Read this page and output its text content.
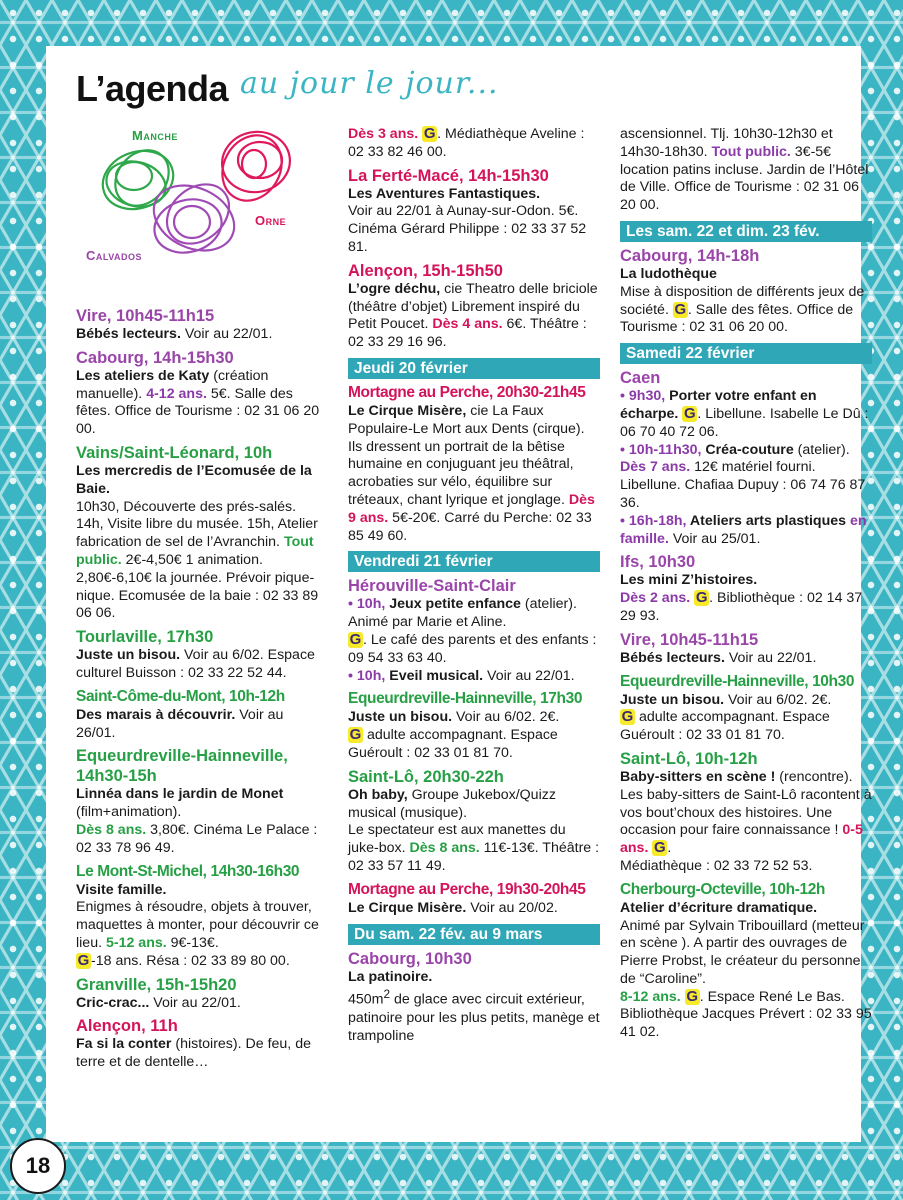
L’agenda au jour le jour...
Manche
Orne
Calvados
Vire, 10h45-11h15
Bébés lecteurs. Voir au 22/01.
Cabourg, 14h-15h30
Les ateliers de Katy (création manuelle). 4-12 ans. 5€. Salle des fêtes. Office de Tourisme : 02 31 06 20 00.
Vains/Saint-Léonard, 10h
Les mercredis de l’Ecomusée de la Baie.
10h30, Découverte des prés-salés. 14h, Visite libre du musée. 15h, Atelier fabrication de sel de l’Avranchin. Tout public. 2€-4,50€ 1 animation. 2,80€-6,10€ la journée. Prévoir pique-nique. Ecomusée de la baie : 02 33 89 06 06.
Tourlaville, 17h30
Juste un bisou. Voir au 6/02. Espace culturel Buisson : 02 33 22 52 44.
Saint-Côme-du-Mont, 10h-12h
Des marais à découvrir. Voir au 26/01.
Equeurdreville-Hainneville, 14h30-15h
Linnéa dans le jardin de Monet (film+animation).
Dès 8 ans. 3,80€. Cinéma Le Palace : 02 33 78 96 49.
Le Mont-St-Michel, 14h30-16h30
Visite famille.
Enigmes à résoudre, objets à trouver, maquettes à monter, pour découvrir ce lieu. 5-12 ans. 9€-13€.
G -18 ans. Résa : 02 33 89 80 00.
Granville, 15h-15h20
Cric-crac... Voir au 22/01.
Alençon, 11h
Fa si la conter (histoires). De feu, de terre et de dentelle…
Dès 3 ans. G . Médiathèque Aveline : 02 33 82 46 00.
La Ferté-Macé, 14h-15h30
Les Aventures Fantastiques.
Voir au 22/01 à Aunay-sur-Odon. 5€. Cinéma Gérard Philippe : 02 33 37 52 81.
Alençon, 15h-15h50
L’ogre déchu, cie Theatro delle briciole (théâtre d’objet) Librement inspiré du Petit Poucet. Dès 4 ans. 6€. Théâtre : 02 33 29 16 96.
Jeudi 20 février
Mortagne au Perche, 20h30-21h45
Le Cirque Misère, cie La Faux Populaire-Le Mort aux Dents (cirque). Ils dressent un portrait de la bêtise humaine en conjuguant jeu théâtral, acrobaties sur vélo, équilibre sur tréteaux, chant lyrique et jonglage. Dès 9 ans. 5€-20€. Carré du Perche: 02 33 85 49 60.
Vendredi 21 février
Hérouville-Saint-Clair
• 10h, Jeux petite enfance (atelier). Animé par Marie et Aline.
G . Le café des parents et des enfants : 09 54 33 63 40.
• 10h, Eveil musical. Voir au 22/01.
Equeurdreville-Hainneville, 17h30
Juste un bisou. Voir au 6/02. 2€.
G adulte accompagnant. Espace Guéroult : 02 33 01 81 70.
Saint-Lô, 20h30-22h
Oh baby, Groupe Jukebox/Quizz musical (musique).
Le spectateur est aux manettes du juke-box. Dès 8 ans. 11€-13€. Théâtre : 02 33 57 11 49.
Mortagne au Perche, 19h30-20h45
Le Cirque Misère. Voir au 20/02.
Du sam. 22 fév. au 9 mars
Cabourg, 10h30
La patinoire.
$450m^2$ de glace avec circuit extérieur, patinoire pour les plus petits, manège et trampoline
ascensionnel. Tlj. 10h30-12h30 et 14h30-18h30. Tout public. 3€-5€ location patins incluse. Jardin de l’Hôtel de Ville. Office de Tourisme : 02 31 06 20 00.
Les sam. 22 et dim. 23 fév.
Cabourg, 14h-18h
La ludothèque
Mise à disposition de différents jeux de société. G . Salle des fêtes. Office de Tourisme : 02 31 06 20 00.
Samedi 22 février
Caen
• 9h30, Porter votre enfant en écharpe. G . Libellune. Isabelle Le Dû : 06 70 40 72 06.
• 10h-11h30, Créa-couture (atelier). Dès 7 ans. 12€ matériel fourni. Libellune. Chafiaa Dupuy : 06 74 76 87 36.
• 16h-18h, Ateliers arts plastiques en famille. Voir au 25/01.
Ifs, 10h30
Les mini Z’histoires.
Dès 2 ans. G . Bibliothèque : 02 14 37 29 93.
Vire, 10h45-11h15
Bébés lecteurs. Voir au 22/01.
Equeurdreville-Hainneville, 10h30
Juste un bisou. Voir au 6/02. 2€.
G adulte accompagnant. Espace Guéroult : 02 33 01 81 70.
Saint-Lô, 10h-12h
Baby-sitters en scène ! (rencontre).
Les baby-sitters de Saint-Lô racontent à vos bout’choux des histoires. Une occasion pour faire connaissance ! 0-5 ans. G .
Médiathèque : 02 33 72 52 53.
Cherbourg-Octeville, 10h-12h
Atelier d’écriture dramatique.
Animé par Sylvain Tribouillard (metteur en scène ). A partir des ouvrages de Pierre Probst, le créateur du personne de “Caroline”.
8-12 ans. G . Espace René Le Bas. Bibliothèque Jacques Prévert : 02 33 95 41 02.
18
